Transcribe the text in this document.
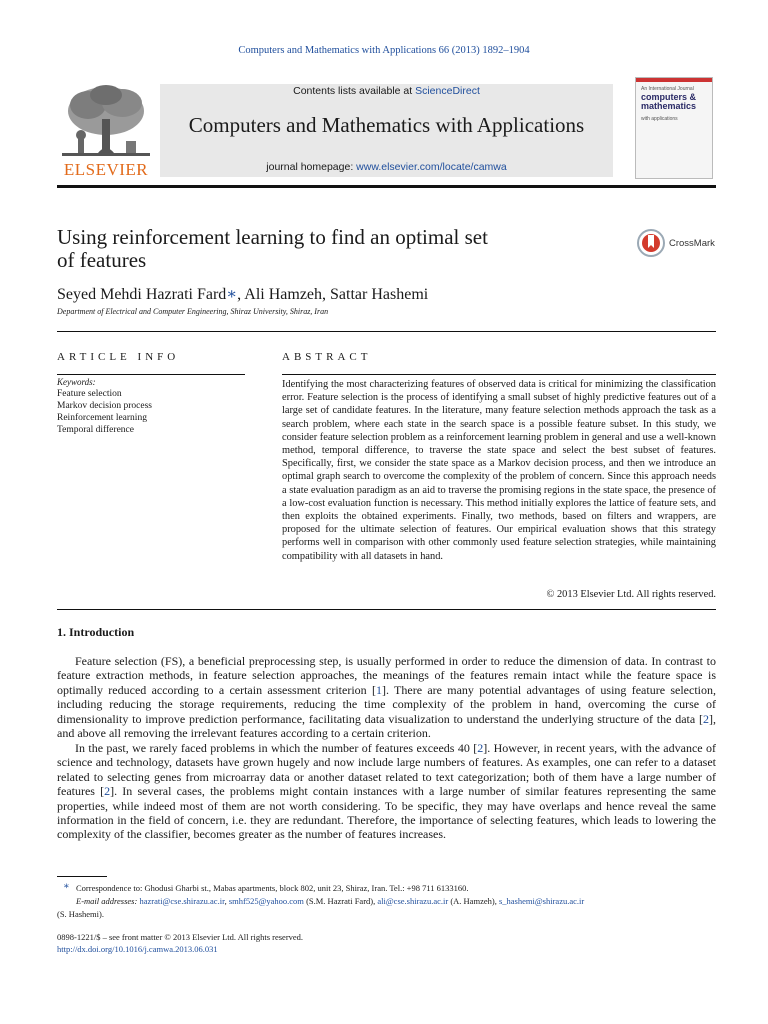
Computers and Mathematics with Applications 66 (2013) 1892–1904
ELSEVIER
Contents lists available at ScienceDirect
Computers and Mathematics with Applications
journal homepage: www.elsevier.com/locate/camwa
An International Journal
computers &
mathematics
with applications
Using reinforcement learning to find an optimal set
of features
CrossMark
Seyed Mehdi Hazrati Fard∗, Ali Hamzeh, Sattar Hashemi
Department of Electrical and Computer Engineering, Shiraz University, Shiraz, Iran
ARTICLE INFO
Keywords:
Feature selection
Markov decision process
Reinforcement learning
Temporal difference
ABSTRACT
Identifying the most characterizing features of observed data is critical for minimizing the classification error. Feature selection is the process of identifying a small subset of highly predictive features out of a large set of candidate features. In the literature, many feature selection methods approach the task as a search problem, where each state in the search space is a possible feature subset. In this study, we consider feature selection problem as a reinforcement learning problem in general and use a well-known method, temporal difference, to traverse the state space and select the best subset of features. Specifically, first, we consider the state space as a Markov decision process, and then we introduce an optimal graph search to overcome the complexity of the problem of concern. Since this approach needs a state evaluation paradigm as an aid to traverse the promising regions in the state space, the presence of a low-cost evaluation function is necessary. This method initially explores the lattice of feature sets, and then exploits the obtained experiments. Finally, two methods, based on filters and wrappers, are proposed for the ultimate selection of features. Our empirical evaluation shows that this strategy performs well in comparison with other commonly used feature selection strategies, while maintaining compatibility with all datasets in hand.
© 2013 Elsevier Ltd. All rights reserved.
1. Introduction
Feature selection (FS), a beneficial preprocessing step, is usually performed in order to reduce the dimension of data. In contrast to feature extraction methods, in feature selection approaches, the meanings of the features remain intact while the feature space is optimally reduced according to a certain assessment criterion [1]. There are many potential advantages of using feature selection, including reducing the storage requirements, reducing the time complexity of the problem in hand, overcoming the curse of dimensionality to improve prediction performance, facilitating data visualization to understand the underlying structure of the data [2], and above all removing the irrelevant features according to a certain criterion.
In the past, we rarely faced problems in which the number of features exceeds 40 [2]. However, in recent years, with the advance of science and technology, datasets have grown hugely and now include large numbers of features. As examples, one can refer to a dataset related to selecting genes from microarray data or another dataset related to text categorization; both of them have a large number of features [2]. In several cases, the problems might contain instances with a large number of similar features representing the same properties, while indeed most of them are not worth considering. To be specific, they may have overlaps and hence reveal the same information in the field of concern, i.e. they are redundant. Therefore, the importance of selecting features, which leads to lowering the complexity of the classifier, becomes greater as the number of features increases.
∗ Correspondence to: Ghodusi Gharbi st., Mabas apartments, block 802, unit 23, Shiraz, Iran. Tel.: +98 711 6133160.
E-mail addresses: hazrati@cse.shirazu.ac.ir, smhf525@yahoo.com (S.M. Hazrati Fard), ali@cse.shirazu.ac.ir (A. Hamzeh), s_hashemi@shirazu.ac.ir
(S. Hashemi).
0898-1221/$ – see front matter © 2013 Elsevier Ltd. All rights reserved.
http://dx.doi.org/10.1016/j.camwa.2013.06.031
